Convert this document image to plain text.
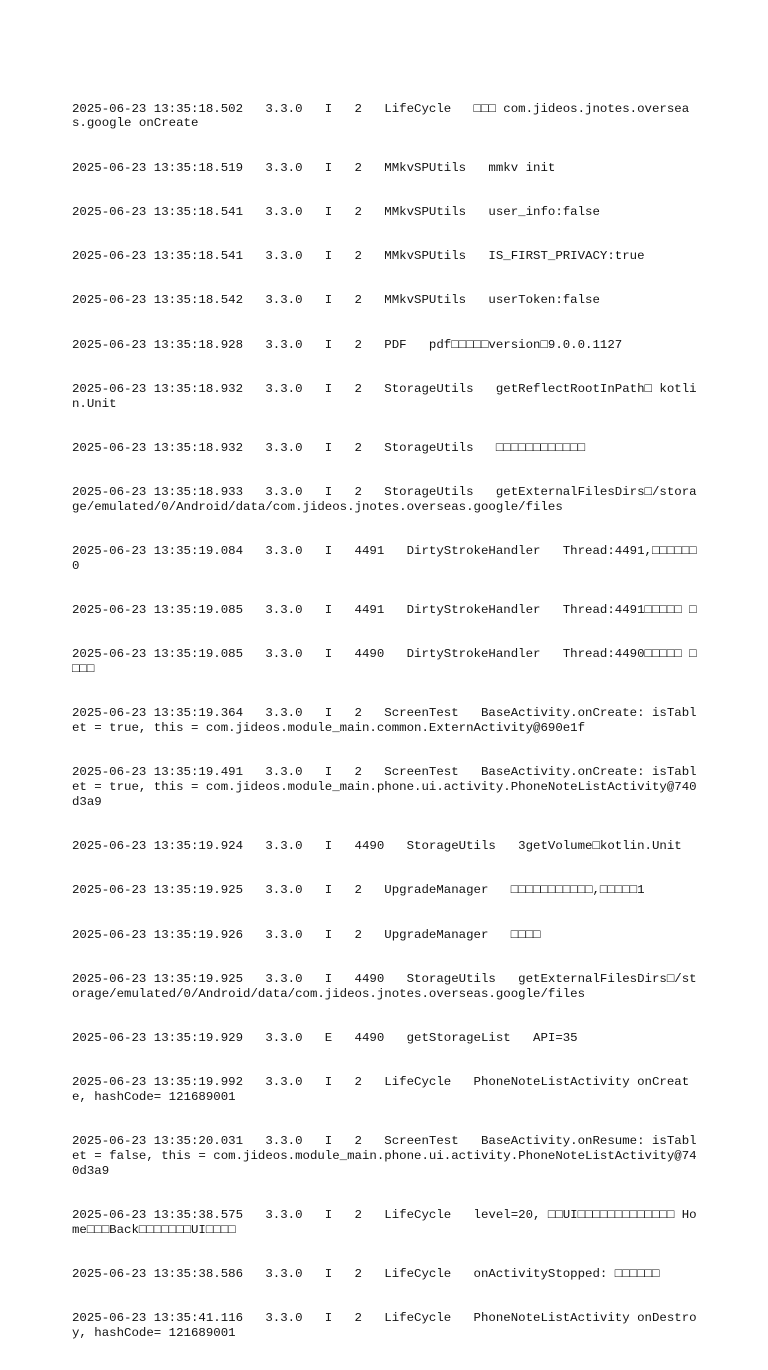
2025-06-23 13:35:18.502   3.3.0   I   2   LifeCycle   □□□ com.jideos.jnotes.overseas.google onCreate

2025-06-23 13:35:18.519   3.3.0   I   2   MMkvSPUtils   mmkv init

2025-06-23 13:35:18.541   3.3.0   I   2   MMkvSPUtils   user_info:false

2025-06-23 13:35:18.541   3.3.0   I   2   MMkvSPUtils   IS_FIRST_PRIVACY:true

2025-06-23 13:35:18.542   3.3.0   I   2   MMkvSPUtils   userToken:false

2025-06-23 13:35:18.928   3.3.0   I   2   PDF   pdf□□□□□version□9.0.0.1127

2025-06-23 13:35:18.932   3.3.0   I   2   StorageUtils   getReflectRootInPath□ kotlin.Unit

2025-06-23 13:35:18.932   3.3.0   I   2   StorageUtils   □□□□□□□□□□□□

2025-06-23 13:35:18.933   3.3.0   I   2   StorageUtils   getExternalFilesDirs□/storage/emulated/0/Android/data/com.jideos.jnotes.overseas.google/files

2025-06-23 13:35:19.084   3.3.0   I   4491   DirtyStrokeHandler   Thread:4491,□□□□□□ 0

2025-06-23 13:35:19.085   3.3.0   I   4491   DirtyStrokeHandler   Thread:4491□□□□□ □

2025-06-23 13:35:19.085   3.3.0   I   4490   DirtyStrokeHandler   Thread:4490□□□□□ □□□□

2025-06-23 13:35:19.364   3.3.0   I   2   ScreenTest   BaseActivity.onCreate: isTablet = true, this = com.jideos.module_main.common.ExternActivity@690e1f

2025-06-23 13:35:19.491   3.3.0   I   2   ScreenTest   BaseActivity.onCreate: isTablet = true, this = com.jideos.module_main.phone.ui.activity.PhoneNoteListActivity@740d3a9

2025-06-23 13:35:19.924   3.3.0   I   4490   StorageUtils   3getVolume□kotlin.Unit

2025-06-23 13:35:19.925   3.3.0   I   2   UpgradeManager   □□□□□□□□□□□,□□□□□1

2025-06-23 13:35:19.926   3.3.0   I   2   UpgradeManager   □□□□

2025-06-23 13:35:19.925   3.3.0   I   4490   StorageUtils   getExternalFilesDirs□/storage/emulated/0/Android/data/com.jideos.jnotes.overseas.google/files

2025-06-23 13:35:19.929   3.3.0   E   4490   getStorageList   API=35

2025-06-23 13:35:19.992   3.3.0   I   2   LifeCycle   PhoneNoteListActivity onCreate, hashCode= 121689001

2025-06-23 13:35:20.031   3.3.0   I   2   ScreenTest   BaseActivity.onResume: isTablet = false, this = com.jideos.module_main.phone.ui.activity.PhoneNoteListActivity@740d3a9

2025-06-23 13:35:38.575   3.3.0   I   2   LifeCycle   level=20, □□UI□□□□□□□□□□□□□ Home□□□Back□□□□□□□UI□□□□

2025-06-23 13:35:38.586   3.3.0   I   2   LifeCycle   onActivityStopped: □□□□□□

2025-06-23 13:35:41.116   3.3.0   I   2   LifeCycle   PhoneNoteListActivity onDestroy, hashCode= 121689001
